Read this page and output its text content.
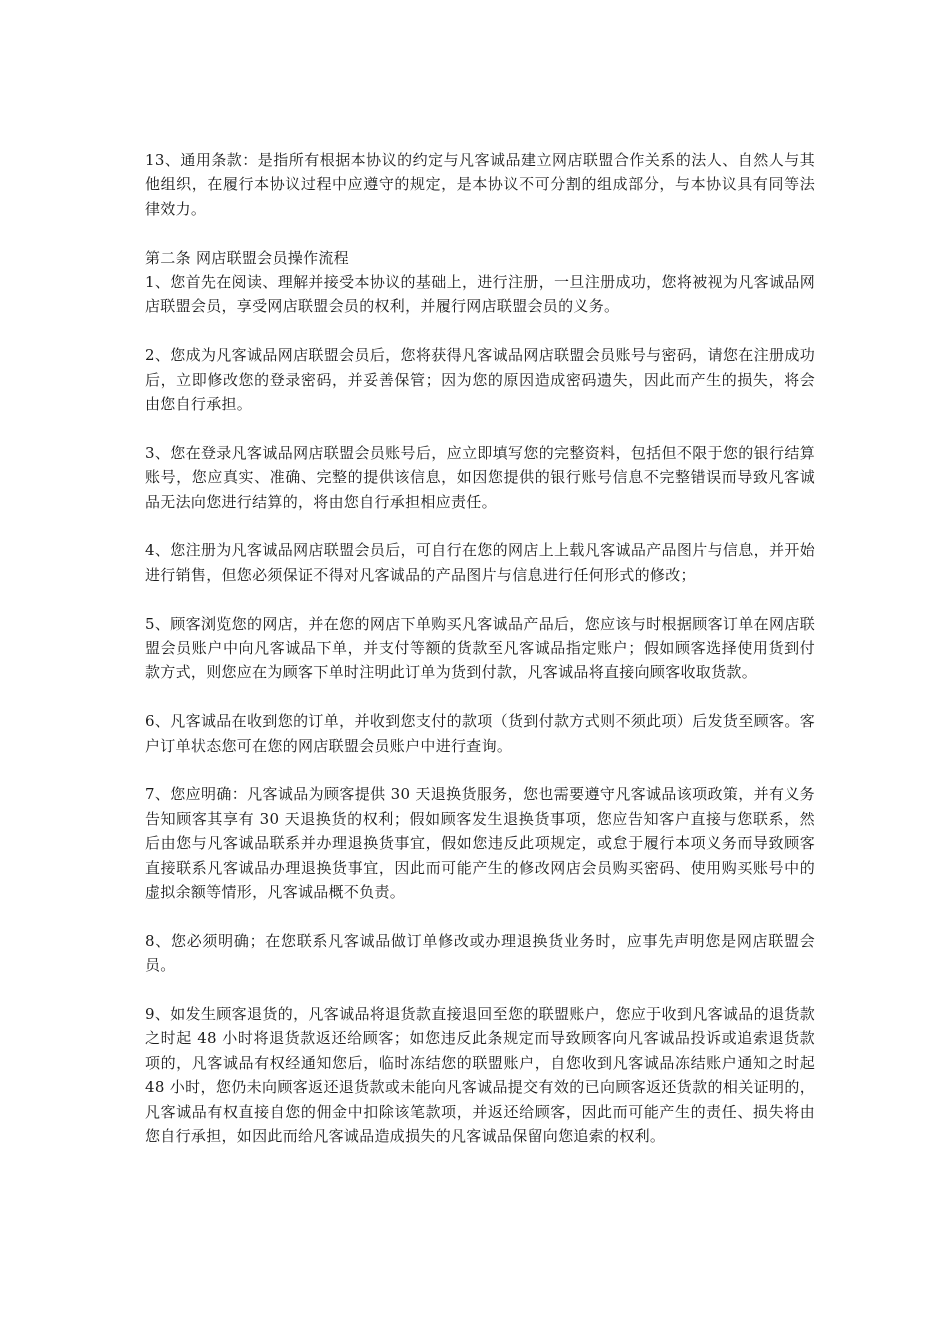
13、通用条款：是指所有根据本协议的约定与凡客诚品建立网店联盟合作关系的法人、自然人与其他组织，在履行本协议过程中应遵守的规定，是本协议不可分割的组成部分，与本协议具有同等法律效力。

第二条 网店联盟会员操作流程

1、您首先在阅读、理解并接受本协议的基础上，进行注册，一旦注册成功，您将被视为凡客诚品网店联盟会员，享受网店联盟会员的权利，并履行网店联盟会员的义务。

2、您成为凡客诚品网店联盟会员后，您将获得凡客诚品网店联盟会员账号与密码，请您在注册成功后，立即修改您的登录密码，并妥善保管；因为您的原因造成密码遗失，因此而产生的损失，将会由您自行承担。

3、您在登录凡客诚品网店联盟会员账号后，应立即填写您的完整资料，包括但不限于您的银行结算账号，您应真实、准确、完整的提供该信息，如因您提供的银行账号信息不完整错误而导致凡客诚品无法向您进行结算的，将由您自行承担相应责任。

4、您注册为凡客诚品网店联盟会员后，可自行在您的网店上上载凡客诚品产品图片与信息，并开始进行销售，但您必须保证不得对凡客诚品的产品图片与信息进行任何形式的修改；

5、顾客浏览您的网店，并在您的网店下单购买凡客诚品产品后，您应该与时根据顾客订单在网店联盟会员账户中向凡客诚品下单，并支付等额的货款至凡客诚品指定账户；假如顾客选择使用货到付款方式，则您应在为顾客下单时注明此订单为货到付款，凡客诚品将直接向顾客收取货款。

6、凡客诚品在收到您的订单，并收到您支付的款项（货到付款方式则不须此项）后发货至顾客。客户订单状态您可在您的网店联盟会员账户中进行查询。

7、您应明确：凡客诚品为顾客提供 30 天退换货服务，您也需要遵守凡客诚品该项政策，并有义务告知顾客其享有 30 天退换货的权利；假如顾客发生退换货事项，您应告知客户直接与您联系，然后由您与凡客诚品联系并办理退换货事宜，假如您违反此项规定，或怠于履行本项义务而导致顾客直接联系凡客诚品办理退换货事宜，因此而可能产生的修改网店会员购买密码、使用购买账号中的虚拟余额等情形，凡客诚品概不负责。

8、您必须明确；在您联系凡客诚品做订单修改或办理退换货业务时，应事先声明您是网店联盟会员。

9、如发生顾客退货的，凡客诚品将退货款直接退回至您的联盟账户，您应于收到凡客诚品的退货款之时起 48 小时将退货款返还给顾客；如您违反此条规定而导致顾客向凡客诚品投诉或追索退货款项的，凡客诚品有权经通知您后，临时冻结您的联盟账户，自您收到凡客诚品冻结账户通知之时起 48 小时，您仍未向顾客返还退货款或未能向凡客诚品提交有效的已向顾客返还货款的相关证明的，凡客诚品有权直接自您的佣金中扣除该笔款项，并返还给顾客，因此而可能产生的责任、损失将由您自行承担，如因此而给凡客诚品造成损失的凡客诚品保留向您追索的权利。
